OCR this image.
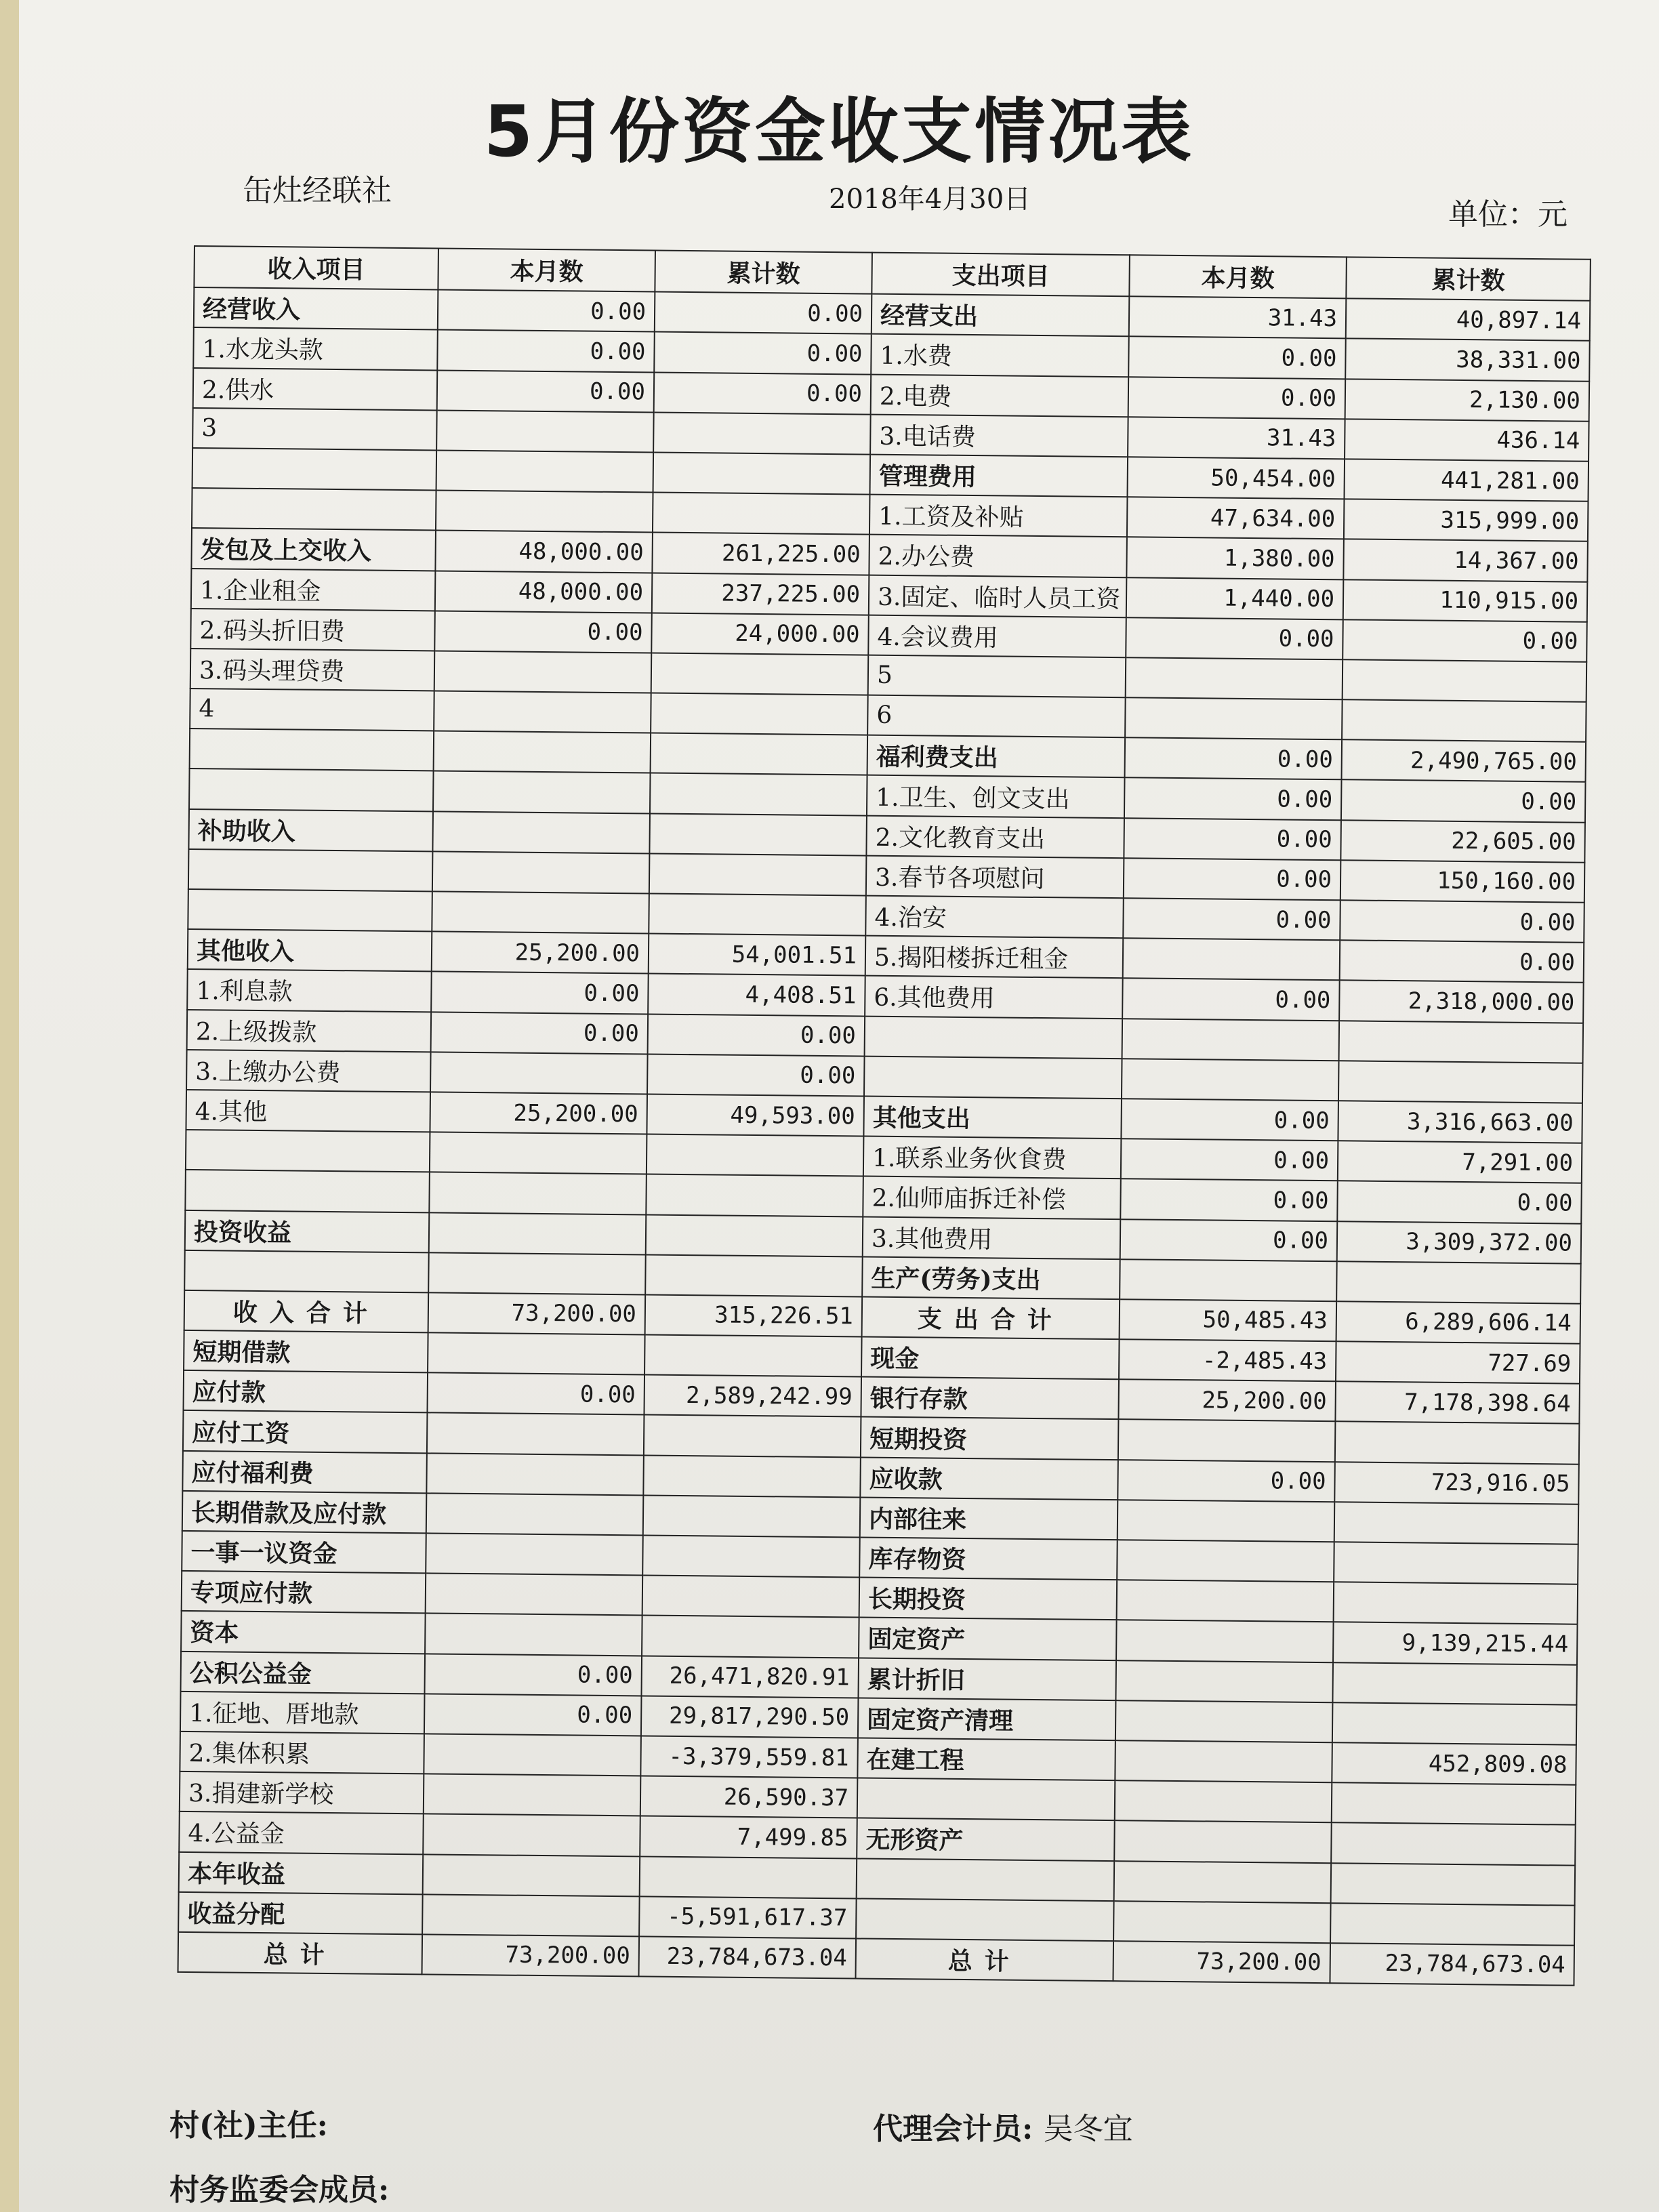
5月份资金收支情况表
缶灶经联社	2018年4月30日	单位：元
收入项目	本月数	累计数	支出项目	本月数	累计数
经营收入	0.00	0.00	经营支出	31.43	40,897.14
1.水龙头款	0.00	0.00	1.水费	0.00	38,331.00
2.供水	0.00	0.00	2.电费	0.00	2,130.00
3			3.电话费	31.43	436.14
			管理费用	50,454.00	441,281.00
			1.工资及补贴	47,634.00	315,999.00
发包及上交收入	48,000.00	261,225.00	2.办公费	1,380.00	14,367.00
1.企业租金	48,000.00	237,225.00	3.固定、临时人员工资	1,440.00	110,915.00
2.码头折旧费	0.00	24,000.00	4.会议费用	0.00	0.00
3.码头理贷费			5		
4			6		
			福利费支出	0.00	2,490,765.00
			1.卫生、创文支出	0.00	0.00
补助收入			2.文化教育支出	0.00	22,605.00
			3.春节各项慰问	0.00	150,160.00
			4.治安	0.00	0.00
其他收入	25,200.00	54,001.51	5.揭阳楼拆迁租金		0.00
1.利息款	0.00	4,408.51	6.其他费用	0.00	2,318,000.00
2.上级拨款	0.00	0.00			
3.上缴办公费		0.00			
4.其他	25,200.00	49,593.00	其他支出	0.00	3,316,663.00
			1.联系业务伙食费	0.00	7,291.00
			2.仙师庙拆迁补偿	0.00	0.00
投资收益			3.其他费用	0.00	3,309,372.00
			生产(劳务)支出		
收入合计	73,200.00	315,226.51	支出合计	50,485.43	6,289,606.14
短期借款			现金	-2,485.43	727.69
应付款	0.00	2,589,242.99	银行存款	25,200.00	7,178,398.64
应付工资			短期投资		
应付福利费			应收款	0.00	723,916.05
长期借款及应付款			内部往来		
一事一议资金			库存物资		
专项应付款			长期投资		
资本			固定资产		9,139,215.44
公积公益金	0.00	26,471,820.91	累计折旧		
1.征地、厝地款	0.00	29,817,290.50	固定资产清理		
2.集体积累		-3,379,559.81	在建工程		452,809.08
3.捐建新学校		26,590.37			
4.公益金		7,499.85	无形资产		
本年收益					
收益分配		-5,591,617.37			
总计	73,200.00	23,784,673.04	总计	73,200.00	23,784,673.04
村(社)主任:	代理会计员: 吴冬宜
村务监委会成员:
